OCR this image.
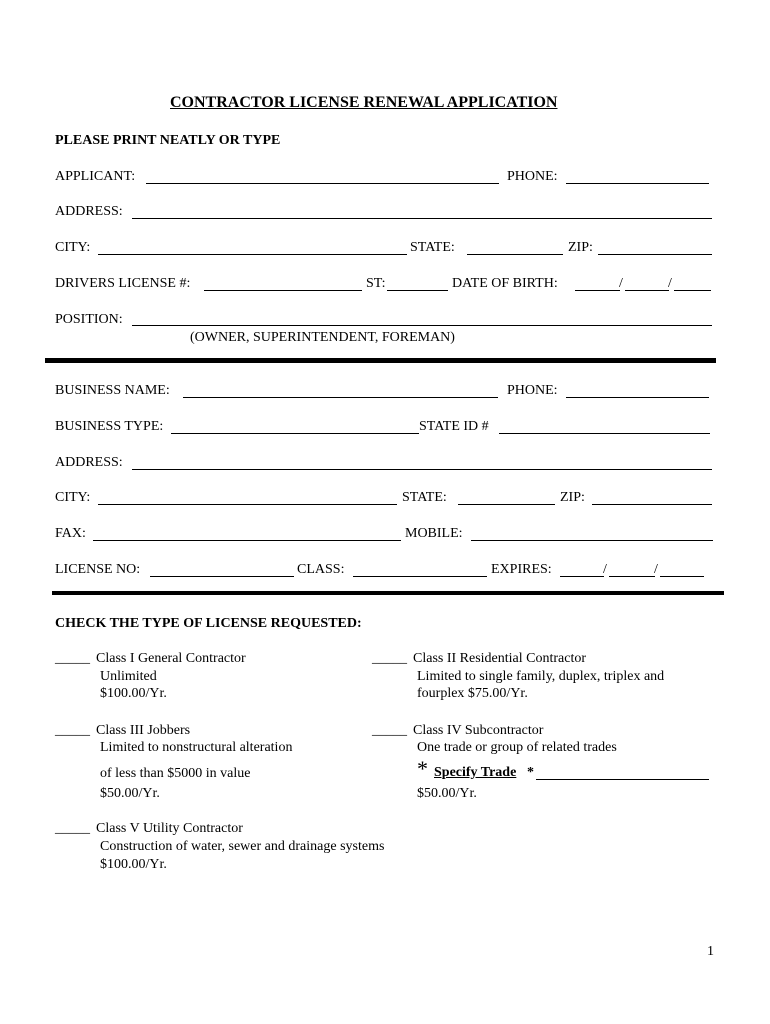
CONTRACTOR LICENSE RENEWAL APPLICATION
PLEASE PRINT NEATLY OR TYPE
APPLICANT:	PHONE:
ADDRESS:
CITY:	STATE:	ZIP:
DRIVERS LICENSE #:	ST:	DATE OF BIRTH:	/	/
POSITION:
(OWNER, SUPERINTENDENT, FOREMAN)
BUSINESS NAME:	PHONE:
BUSINESS TYPE:	STATE ID #
ADDRESS:
CITY:	STATE:	ZIP:
FAX:	MOBILE:
LICENSE NO:	CLASS:	EXPIRES:	/	/
CHECK THE TYPE OF LICENSE REQUESTED:
_____ Class I General Contractor
Unlimited
$100.00/Yr.
_____ Class II Residential Contractor
Limited to single family, duplex, triplex and
fourplex $75.00/Yr.
_____ Class III Jobbers
Limited to nonstructural alteration
of less than $5000 in value
$50.00/Yr.
_____ Class IV Subcontractor
One trade or group of related trades
* Specify Trade *
$50.00/Yr.
_____ Class V Utility Contractor
Construction of water, sewer and drainage systems
$100.00/Yr.
1
